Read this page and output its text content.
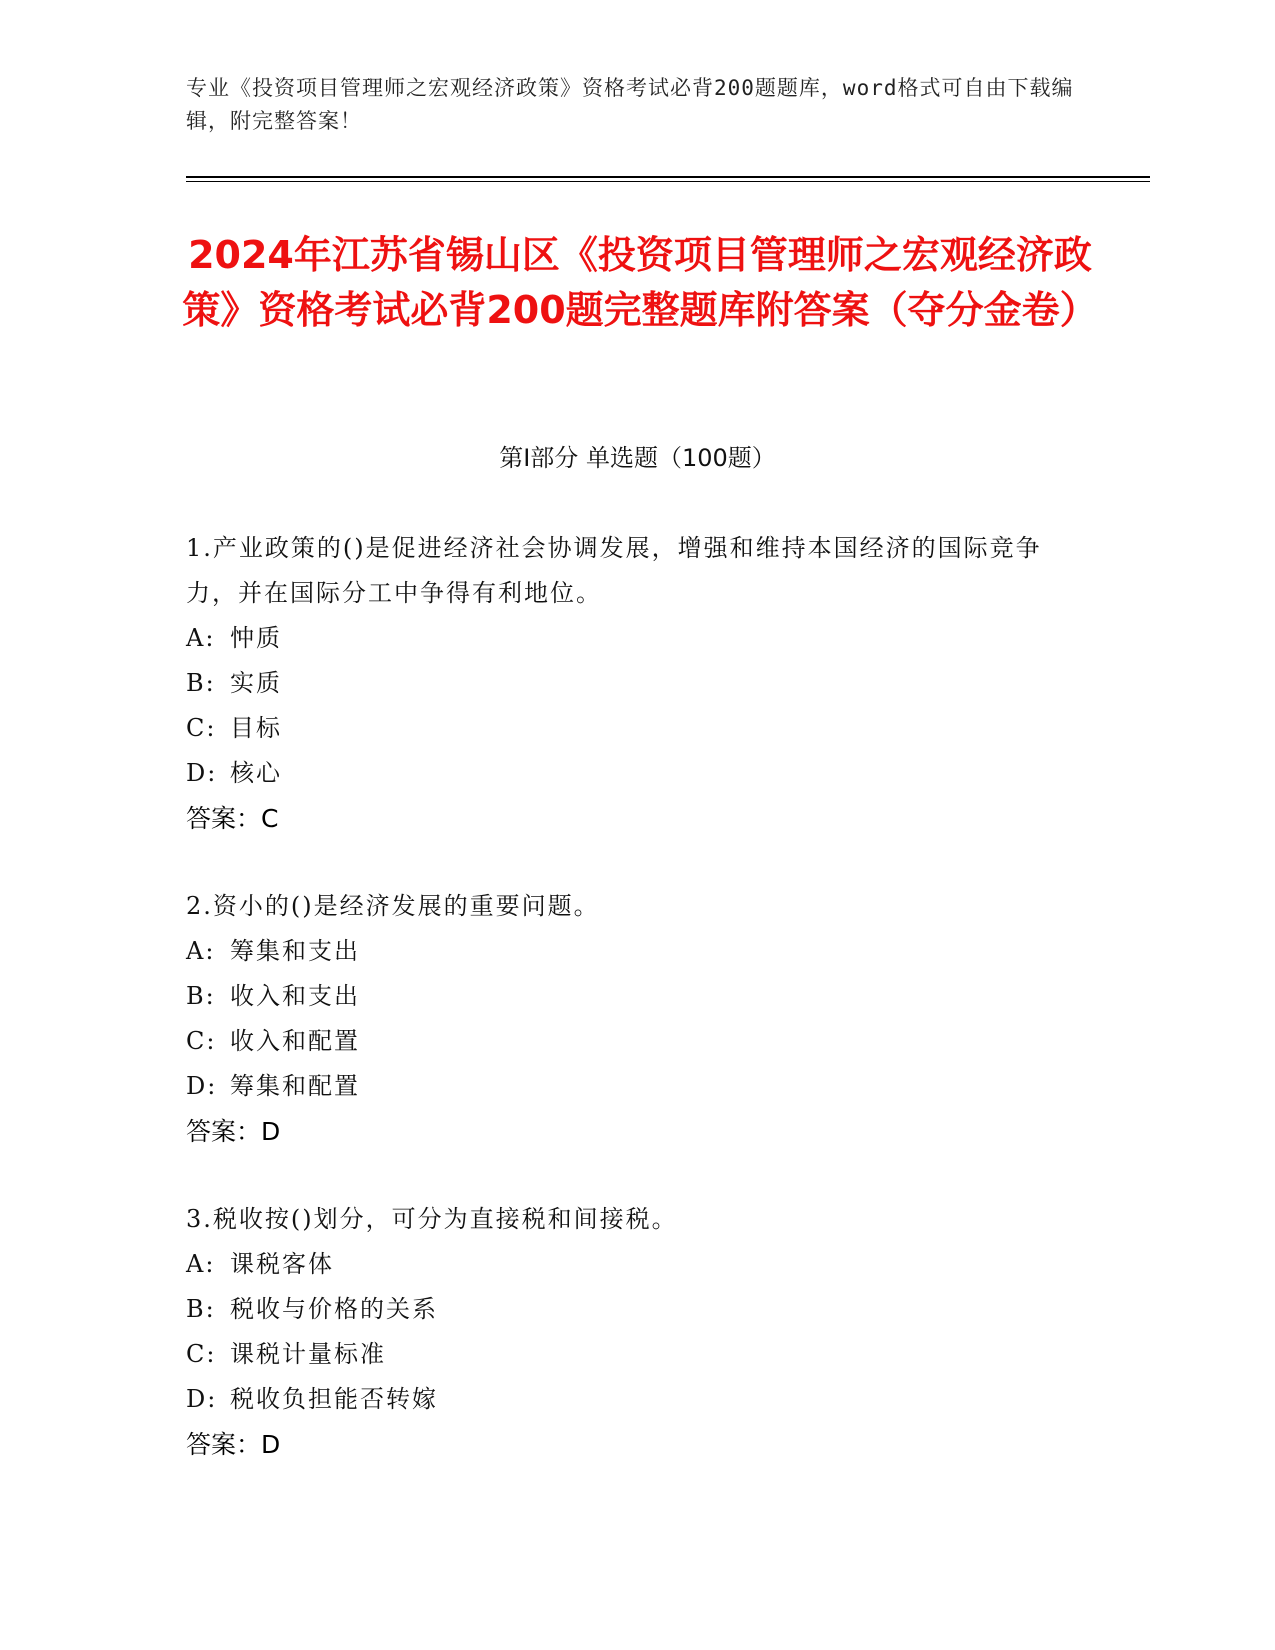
专业《投资项目管理师之宏观经济政策》资格考试必背200题题库，word格式可自由下载编辑，附完整答案！
2024年江苏省锡山区《投资项目管理师之宏观经济政策》资格考试必背200题完整题库附答案（夺分金卷）
第Ⅰ部分 单选题（100题）
1.产业政策的()是促进经济社会协调发展，增强和维持本国经济的国际竞争力，并在国际分工中争得有利地位。
A: 忡质
B: 实质
C: 目标
D: 核心
答案：C
2.资小的()是经济发展的重要问题。
A: 筹集和支出
B: 收入和支出
C: 收入和配置
D: 筹集和配置
答案：D
3.税收按()划分，可分为直接税和间接税。
A: 课税客体
B: 税收与价格的关系
C: 课税计量标准
D: 税收负担能否转嫁
答案：D
